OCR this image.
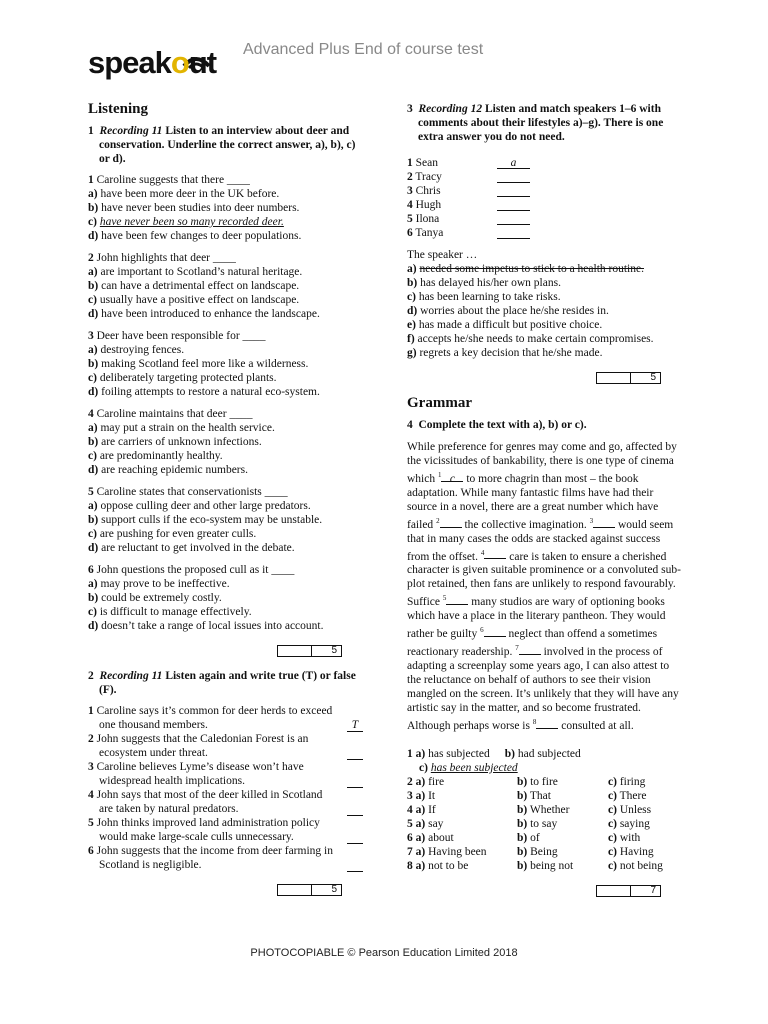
speakout Advanced Plus End of course test
Listening
1 Recording 11 Listen to an interview about deer and conservation. Underline the correct answer, a), b), c) or d).
1 Caroline suggests that there ____
a) have been more deer in the UK before.
b) have never been studies into deer numbers.
c) have never been so many recorded deer.
d) have been few changes to deer populations.
2 John highlights that deer ____
a) are important to Scotland’s natural heritage.
b) can have a detrimental effect on landscape.
c) usually have a positive effect on landscape.
d) have been introduced to enhance the landscape.
3 Deer have been responsible for ____
a) destroying fences.
b) making Scotland feel more like a wilderness.
c) deliberately targeting protected plants.
d) foiling attempts to restore a natural eco-system.
4 Caroline maintains that deer ____
a) may put a strain on the health service.
b) are carriers of unknown infections.
c) are predominantly healthy.
d) are reaching epidemic numbers.
5 Caroline states that conservationists ____
a) oppose culling deer and other large predators.
b) support culls if the eco-system may be unstable.
c) are pushing for even greater culls.
d) are reluctant to get involved in the debate.
6 John questions the proposed cull as it ____
a) may prove to be ineffective.
b) could be extremely costly.
c) is difficult to manage effectively.
d) doesn’t take a range of local issues into account.
5
2 Recording 11 Listen again and write true (T) or false (F).
1 Caroline says it’s common for deer herds to exceed one thousand members.	T
2 John suggests that the Caledonian Forest is an ecosystem under threat.
3 Caroline believes Lyme’s disease won’t have widespread health implications.
4 John says that most of the deer killed in Scotland are taken by natural predators.
5 John thinks improved land administration policy would make large-scale culls unnecessary.
6 John suggests that the income from deer farming in Scotland is negligible.
5
3 Recording 12 Listen and match speakers 1–6 with comments about their lifestyles a)–g). There is one extra answer you do not need.
1 Sean	a
2 Tracy
3 Chris
4 Hugh
5 Ilona
6 Tanya
The speaker …
a) needed some impetus to stick to a health routine.
b) has delayed his/her own plans.
c) has been learning to take risks.
d) worries about the place he/she resides in.
e) has made a difficult but positive choice.
f) accepts he/she needs to make certain compromises.
g) regrets a key decision that he/she made.
5
Grammar
4 Complete the text with a), b) or c).
While preference for genres may come and go, affected by the vicissitudes of bankability, there is one type of cinema which $^1$ c to more chagrin than most – the book adaptation. While many fantastic films have had their source in a novel, there are a great number which have failed $^2$ the collective imagination. $^3$ would seem that in many cases the odds are stacked against success from the offset. $^4$ care is taken to ensure a cherished character is given suitable prominence or a convoluted sub-plot retained, then fans are unlikely to respond favourably. Suffice $^5$ many studios are wary of optioning books which have a place in the literary pantheon. They would rather be guilty $^6$ neglect than offend a sometimes reactionary readership. $^7$ involved in the process of adapting a screenplay some years ago, I can also attest to the reluctance on behalf of authors to see their vision mangled on the screen. It’s unlikely that they will have any artistic say in the matter, and so become frustrated. Although perhaps worse is $^8$ consulted at all.
1 a) has subjected b) had subjected
c) has been subjected
2 a) fire	b) to fire	c) firing
3 a) It	b) That	c) There
4 a) If	b) Whether	c) Unless
5 a) say	b) to say	c) saying
6 a) about	b) of	c) with
7 a) Having been	b) Being	c) Having
8 a) not to be	b) being not	c) not being
7
PHOTOCOPIABLE © Pearson Education Limited 2018
